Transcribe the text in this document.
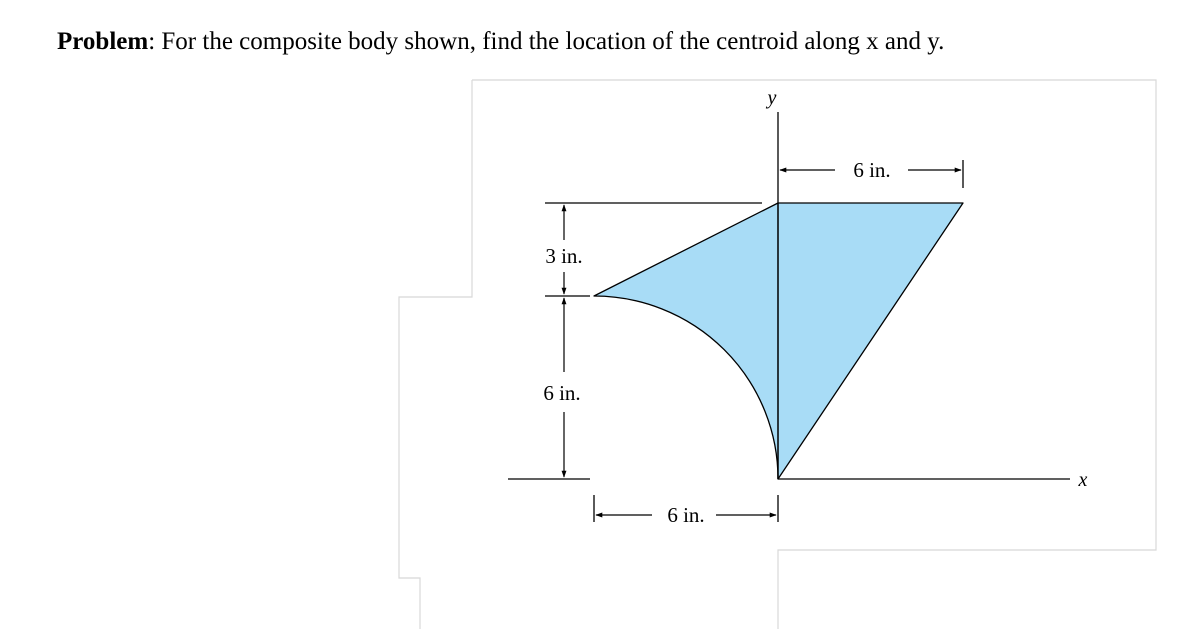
Problem: For the composite body shown, find the location of the centroid along x and y.
y
x
6 in.
3 in.
6 in.
6 in.
